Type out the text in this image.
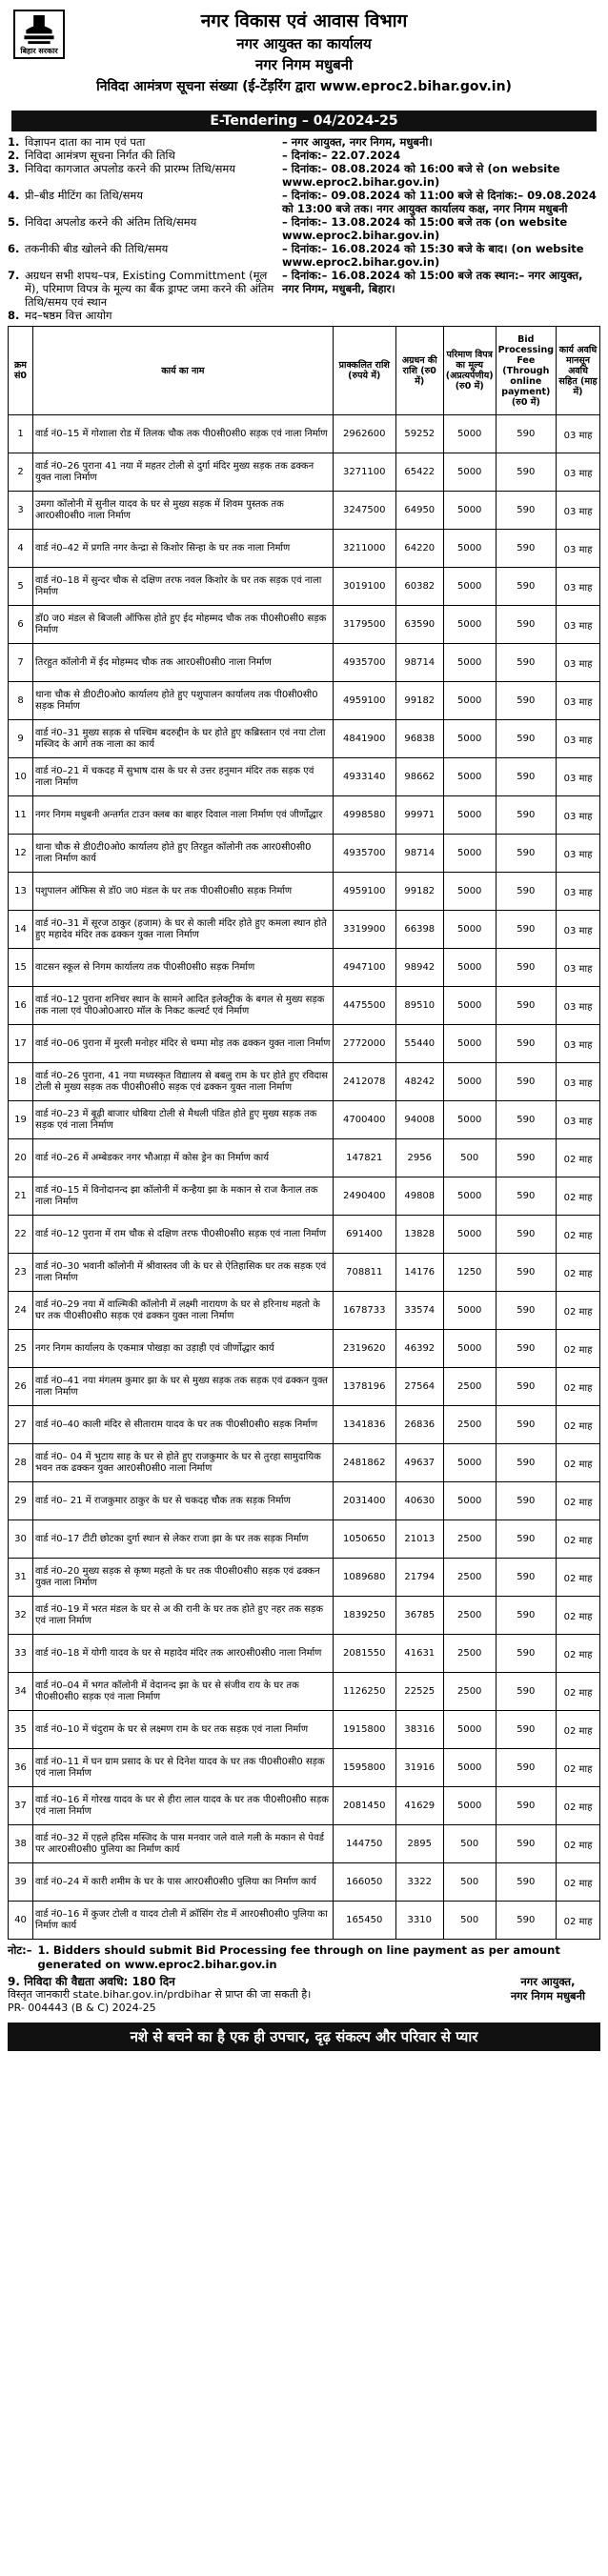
बिहार सरकार
नगर विकास एवं आवास विभाग
नगर आयुक्त का कार्यालय
नगर निगम मधुबनी
निविदा आमंत्रण सूचना संख्या (ई-टेंड़रिंग द्वारा www.eproc2.bihar.gov.in)
E-Tendering – 04/2024-25
1. विज्ञापन दाता का नाम एवं पता	– नगर आयुक्त, नगर निगम, मधुबनी।
2. निविदा आमंत्रण सूचना निर्गत की तिथि	– दिनांक:– 22.07.2024
3. निविदा कागजात अपलोड करने की प्रारम्भ तिथि/समय	– दिनांक:– 08.08.2024 को 16:00 बजे से (on website www.eproc2.bihar.gov.in)
4. प्री–बीड मीटिंग का तिथि/समय	– दिनांक:– 09.08.2024 को 11:00 बजे से दिनांक:– 09.08.2024 को 13:00 बजे तक। नगर आयुक्त कार्यालय कक्ष, नगर निगम मधुबनी
5. निविदा अपलोड करने की अंतिम तिथि/समय	– दिनांक:– 13.08.2024 को 15:00 बजे तक (on website www.eproc2.bihar.gov.in)
6. तकनीकी बीड खोलने की तिथि/समय	– दिनांक:– 16.08.2024 को 15:30 बजे के बाद। (on website www.eproc2.bihar.gov.in)
7. अग्रधन सभी शपथ–पत्र, Existing Committment (मूल में), परिमाण विपत्र के मूल्य का बैंक ड्राफ्ट जमा करने की अंतिम तिथि/समय एवं स्थान
– दिनांक:– 16.08.2024 को 15:00 बजे तक स्थान:– नगर आयुक्त, नगर निगम, मधुबनी, बिहार।
8. मद–षष्ठम वित्त आयोग
क्रम सं0	कार्य का नाम	प्राक्कलित राशि (रुपये में)	अग्रधन की राशि (रु0 में)	परिमाण विपत्र का मूल्य (अप्रत्यर्पणीय) (रु0 में)	Bid Processing Fee (Through online payment) (रु0 में)	कार्य अवधि मानसून अवधि सहित (माह में)
1	वार्ड नं0–15 में गोशाला रोड में तिलक चौक तक पी0सी0सी0 सड़क एवं नाला निर्माण	2962600	59252	5000	590	03 माह
2	वार्ड नं0–26 पुराना 41 नया में महतर टोली से दुर्गा मंदिर मुख्य सड़क तक ढक्कन युक्त नाला निर्माण	3271100	65422	5000	590	03 माह
3	उमगा कॉलोनी में सुनील यादव के घर से मुख्य सड़क में शिवम पुस्तक तक आर0सी0सी0 नाला निर्माण	3247500	64950	5000	590	03 माह
4	वार्ड नं0–42 में प्रगति नगर केन्द्रा से किशोर सिन्हा के घर तक नाला निर्माण	3211000	64220	5000	590	03 माह
5	वार्ड नं0–18 में सुन्दर चौक से दक्षिण तरफ नवल किशोर के घर तक सड़क एवं नाला निर्माण	3019100	60382	5000	590	03 माह
6	डॉ0 ज0 मंडल से बिजली ऑफिस होते हुए ईद मोहम्मद चौक तक पी0सी0सी0 सड़क निर्माण	3179500	63590	5000	590	03 माह
7	तिरहुत कॉलोनी में ईद मोहम्मद चौक तक आर0सी0सी0 नाला निर्माण	4935700	98714	5000	590	03 माह
8	थाना चौक से डी0टी0ओ0 कार्यालय होते हुए पशुपालन कार्यालय तक पी0सी0सी0 सड़क निर्माण	4959100	99182	5000	590	03 माह
9	वार्ड नं0–31 मुख्य सड़क से पश्चिम बदरुद्दीन के घर होते हुए कब्रिस्तान एवं नया टोला मस्जिद के आगे तक नाला का कार्य	4841900	96838	5000	590	03 माह
10	वार्ड नं0–21 में चकदह में सुभाष दास के घर से उत्तर हनुमान मंदिर तक सड़क एवं नाला निर्माण	4933140	98662	5000	590	03 माह
11	नगर निगम मधुबनी अन्तर्गत टाउन क्लब का बाहर दिवाल नाला निर्माण एवं जीर्णोद्धार	4998580	99971	5000	590	03 माह
12	थाना चौक से डी0टी0ओ0 कार्यालय होते हुए तिरहुत कॉलोनी तक आर0सी0सी0 नाला निर्माण कार्य	4935700	98714	5000	590	03 माह
13	पशुपालन ऑफिस से डॉ0 ज0 मंडल के घर तक पी0सी0सी0 सड़क निर्माण	4959100	99182	5000	590	03 माह
14	वार्ड नं0–31 में सूरज ठाकुर (हजाम) के घर से काली मंदिर होते हुए कमला स्थान होते हुए महादेव मंदिर तक ढक्कन युक्त नाला निर्माण	3319900	66398	5000	590	03 माह
15	वाटसन स्कूल से निगम कार्यालय तक पी0सी0सी0 सड़क निर्माण	4947100	98942	5000	590	03 माह
16	वार्ड नं0–12 पुराना शनिचर स्थान के सामने आदित इलेक्ट्रीक के बगल से मुख्य सड़क तक नाला एवं पी0ओ0आर0 मॉल के निकट कल्वर्ट एवं निर्माण	4475500	89510	5000	590	03 माह
17	वार्ड नं0–06 पुराना में मुरली मनोहर मंदिर से चम्पा मोड़ तक ढक्कन युक्त नाला निर्माण	2772000	55440	5000	590	03 माह
18	वार्ड नं0–26 पुराना, 41 नया मध्यस्कृत विद्यालय से बबलु राम के घर होते हुए रविदास टोली से मुख्य सड़क तक पी0सी0सी0 सड़क एवं ढक्कन युक्त नाला निर्माण	2412078	48242	5000	590	03 माह
19	वार्ड नं0–23 में बूढ़ी बाजार धोबिया टोली से मैथली पंडित होते हुए मुख्य सड़क तक सड़क एवं नाला निर्माण	4700400	94008	5000	590	03 माह
20	वार्ड नं0–26 में अम्बेडकर नगर भौआड़ा में कोस ड्रेन का निर्माण कार्य	147821	2956	500	590	02 माह
21	वार्ड नं0–15 में विनोदानन्द झा कॉलोनी में कन्हैया झा के मकान से राज कैनाल तक नाला निर्माण	2490400	49808	5000	590	02 माह
22	वार्ड नं0–12 पुराना में राम चौक से दक्षिण तरफ पी0सी0सी0 सड़क एवं नाला निर्माण	691400	13828	5000	590	02 माह
23	वार्ड नं0–30 भवानी कॉलोनी में श्रीवास्तव जी के घर से ऐतिहासिक घर तक सड़क एवं नाला निर्माण	708811	14176	1250	590	02 माह
24	वार्ड नं0–29 नया में वाल्मिकी कॉलोनी में लक्ष्मी नारायण के घर से हरिनाथ महतो के घर तक पी0सी0सी0 सड़क एवं ढक्कन युक्त नाला निर्माण	1678733	33574	5000	590	02 माह
25	नगर निगम कार्यालय के एकमात्र पोखड़ा का उड़ाही एवं जीर्णोद्धार कार्य	2319620	46392	5000	590	02 माह
26	वार्ड नं0–41 नया मंगलम कुमार झा के घर से मुख्य सड़क तक सड़क एवं ढक्कन युक्त नाला निर्माण	1378196	27564	2500	590	02 माह
27	वार्ड नं0–40 काली मंदिर से सीताराम यादव के घर तक पी0सी0सी0 सड़क निर्माण	1341836	26836	2500	590	02 माह
28	वार्ड नं0– 04 में भुटाय साह के घर से होते हुए राजकुमार के घर से तुरहा सामुदायिक भवन तक ढक्कन युक्त आर0सी0सी0 नाला निर्माण	2481862	49637	5000	590	02 माह
29	वार्ड नं0– 21 में राजकुमार ठाकुर के घर से चकदह चौक तक सड़क निर्माण	2031400	40630	5000	590	02 माह
30	वार्ड नं0–17 टीटी छोटका दुर्गा स्थान से लेकर राजा झा के घर तक सड़क निर्माण	1050650	21013	2500	590	02 माह
31	वार्ड नं0–20 मुख्य सड़क से कृष्ण महतो के घर तक पी0सी0सी0 सड़क एवं ढक्कन युक्त नाला निर्माण	1089680	21794	2500	590	02 माह
32	वार्ड नं0–19 में भरत मंडल के घर से अ की रानी के घर तक होते हुए नहर तक सड़क एवं नाला निर्माण	1839250	36785	2500	590	02 माह
33	वार्ड नं0–18 में योगी यादव के घर से महादेव मंदिर तक आर0सी0सी0 नाला निर्माण	2081550	41631	2500	590	02 माह
34	वार्ड नं0–04 में भगत कॉलोनी में वेदानन्द झा के घर से संजीव राय के घर तक पी0सी0सी0 सड़क एवं नाला निर्माण	1126250	22525	2500	590	02 माह
35	वार्ड नं0–10 में चंदुराम के घर से लक्ष्मण राम के घर तक सड़क एवं नाला निर्माण	1915800	38316	5000	590	02 माह
36	वार्ड नं0–11 में घन ग्राम प्रसाद के घर से दिनेश यादव के घर तक पी0सी0सी0 सड़क एवं नाला निर्माण	1595800	31916	5000	590	02 माह
37	वार्ड नं0–16 में गोरख यादव के घर से हीरा लाल यादव के घर तक पी0सी0सी0 सड़क एवं नाला निर्माण	2081450	41629	5000	590	02 माह
38	वार्ड नं0–32 में एहले हदिस मस्जिद के पास मनवार जले वाले गली के मकान से पेवर्ड पर आर0सी0सी0 पुलिया का निर्माण कार्य	144750	2895	500	590	02 माह
39	वार्ड नं0–24 में कारी शमीम के घर के पास आर0सी0सी0 पुलिया का निर्माण कार्य	166050	3322	500	590	02 माह
40	वार्ड नं0–16 में कुजर टोली व यादव टोली में क्रॉसिंग रोड में आर0सी0सी0 पुलिया का निर्माण कार्य	165450	3310	500	590	02 माह
नोट:– 1. Bidders should submit Bid Processing fee through on line payment as per amount generated on www.eproc2.bihar.gov.in
9. निविदा की वैद्यता अवधि: 180 दिन
विस्तृत जानकारी state.bihar.gov.in/prdbihar से प्राप्त की जा सकती है।
PR- 004443 (B & C) 2024-25
नगर आयुक्त,
नगर निगम मधुबनी
नशे से बचने का है एक ही उपचार, दृढ़ संकल्प और परिवार से प्यार
